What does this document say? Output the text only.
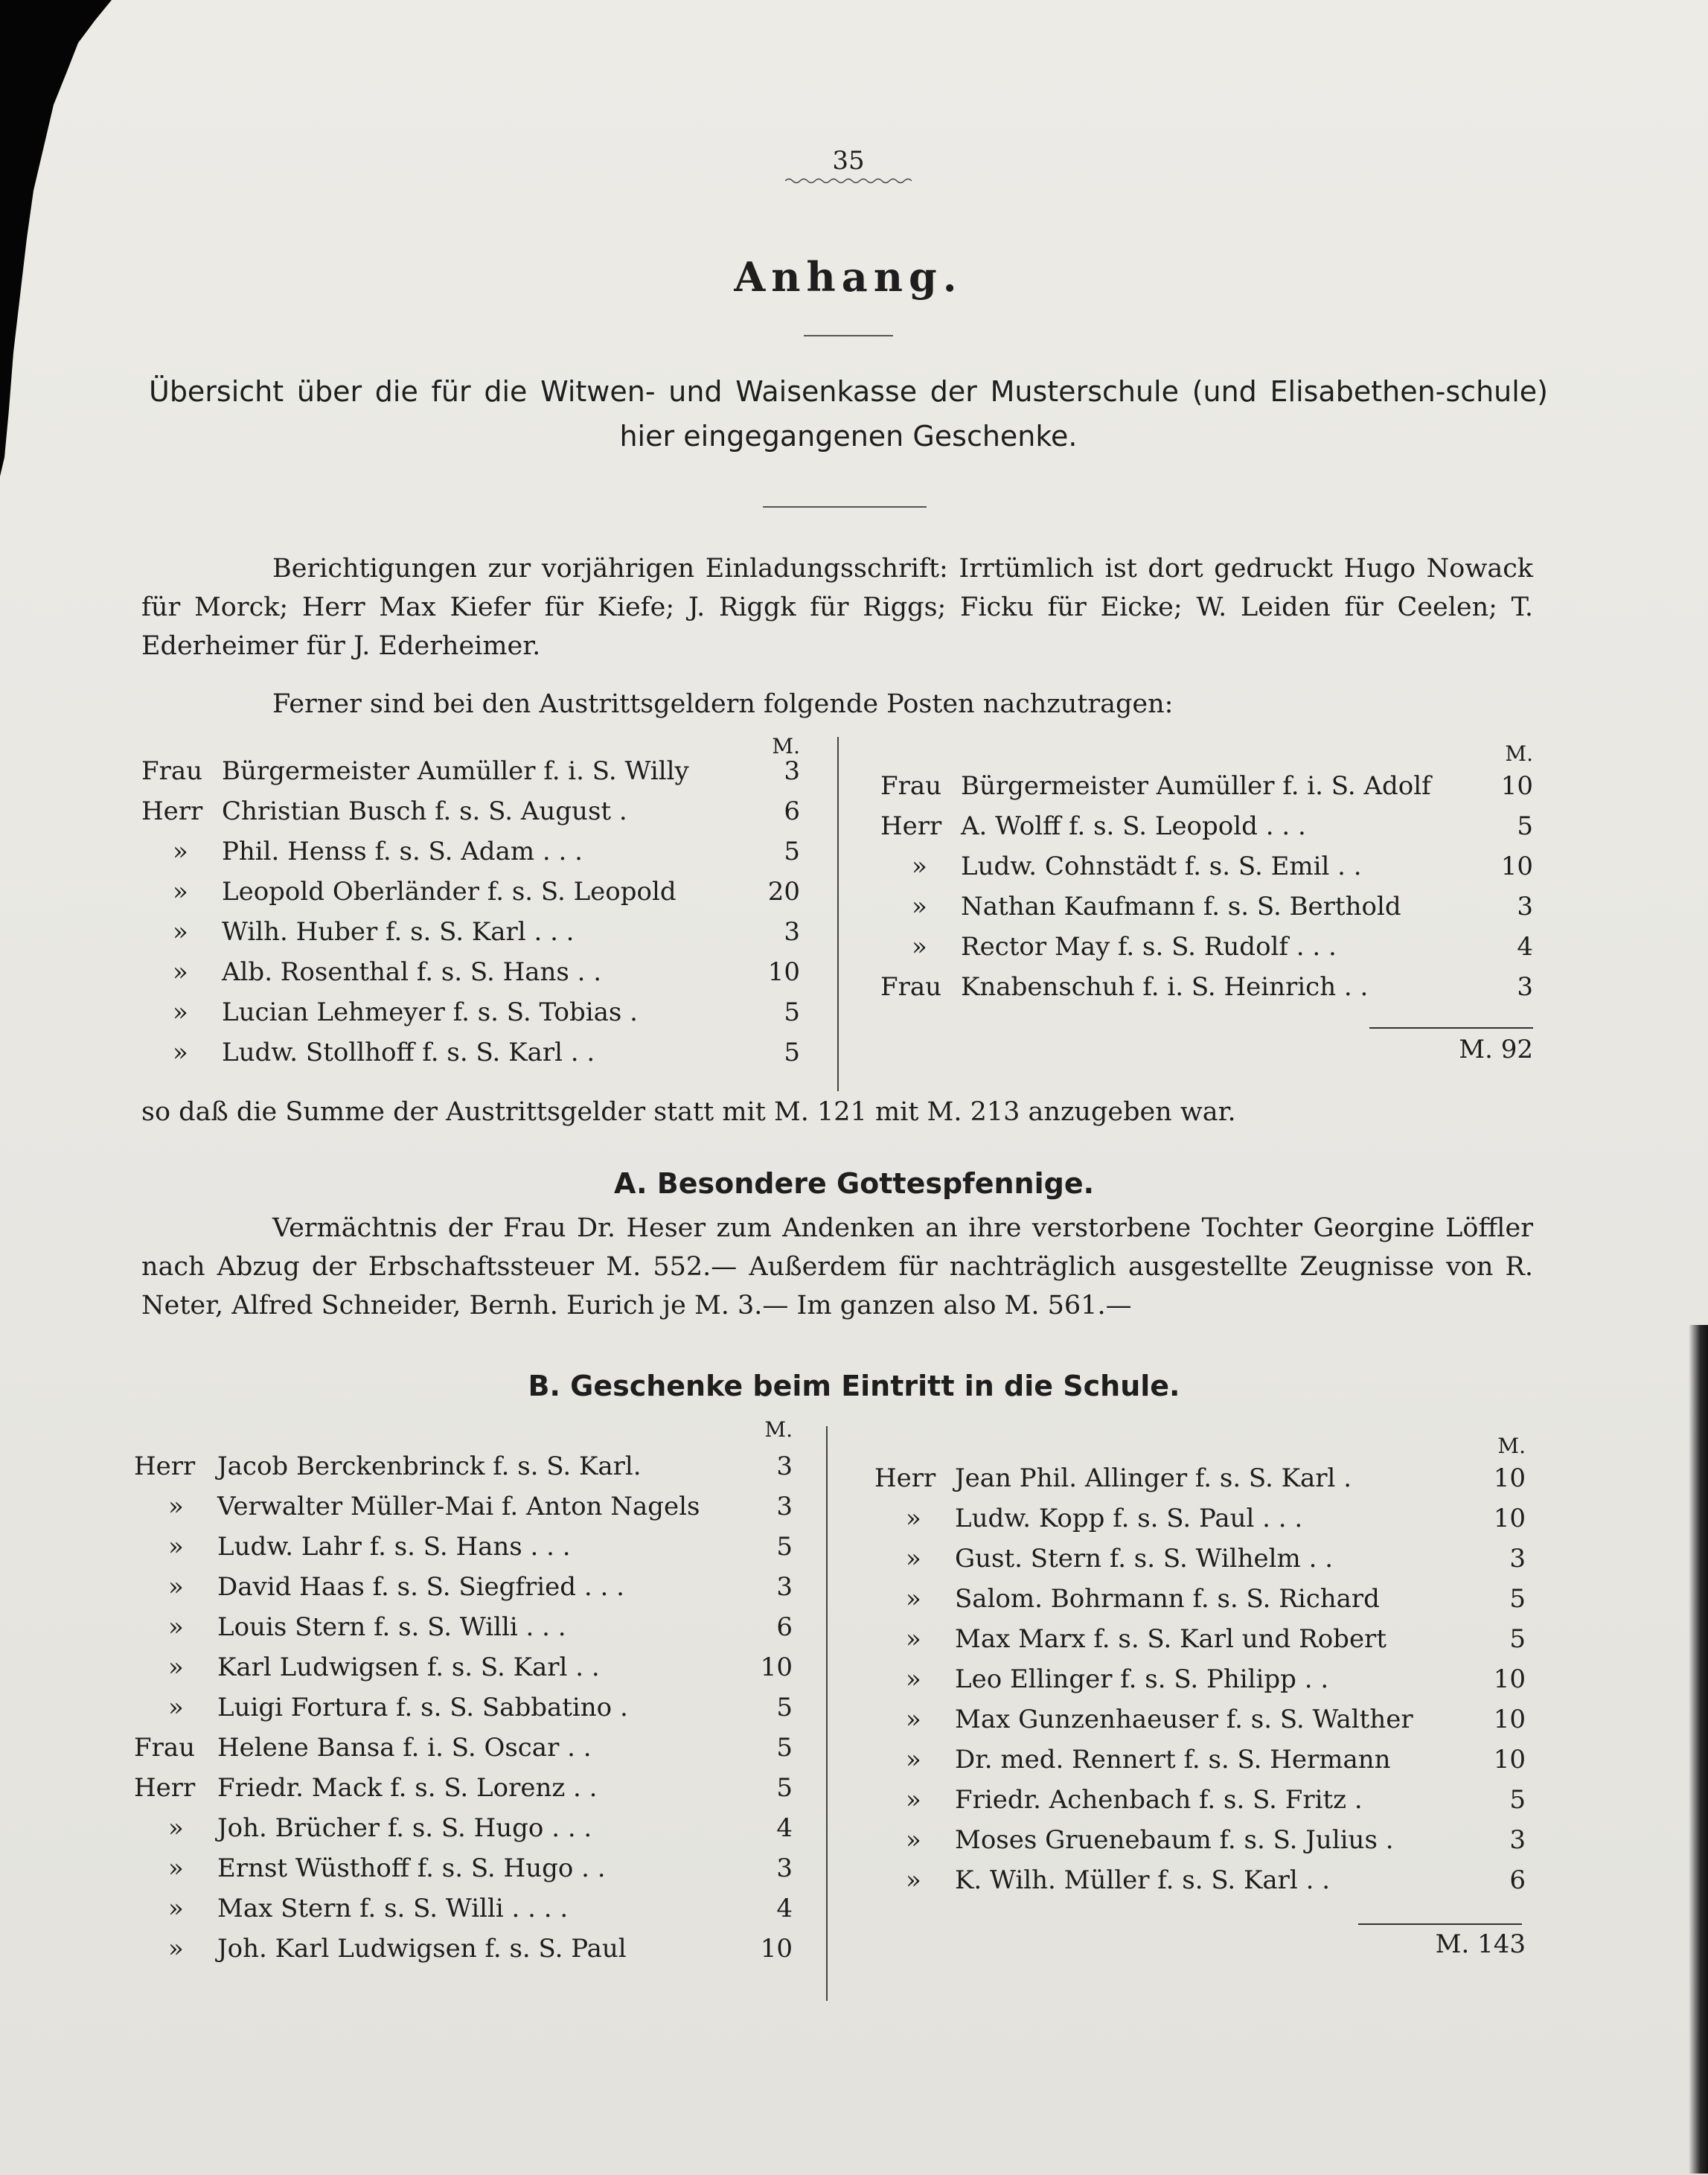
35
Anhang.
Übersicht über die für die Witwen- und Waisenkasse der Musterschule (und Elisabethen-schule) hier eingegangenen Geschenke.
Berichtigungen zur vorjährigen Einladungsschrift: Irrtümlich ist dort gedruckt Hugo Nowack für Morck; Herr Max Kiefer für Kiefe; J. Riggk für Riggs; Ficku für Eicke; W. Leiden für Ceelen; T. Ederheimer für J. Ederheimer.
Ferner sind bei den Austrittsgeldern folgende Posten nachzutragen:
M.
Frau Bürgermeister Aumüller f. i. S. Willy	3
Herr Christian Busch f. s. S. August .	6
» Phil. Henss f. s. S. Adam . . .	5
» Leopold Oberländer f. s. S. Leopold	20
» Wilh. Huber f. s. S. Karl . . .	3
» Alb. Rosenthal f. s. S. Hans . .	10
» Lucian Lehmeyer f. s. S. Tobias .	5
» Ludw. Stollhoff f. s. S. Karl . .	5
M.
Frau Bürgermeister Aumüller f. i. S. Adolf	10
Herr A. Wolff f. s. S. Leopold . . .	5
» Ludw. Cohnstädt f. s. S. Emil . .	10
» Nathan Kaufmann f. s. S. Berthold	3
» Rector May f. s. S. Rudolf . . .	4
Frau Knabenschuh f. i. S. Heinrich . .	3
M. 92
so daß die Summe der Austrittsgelder statt mit M. 121 mit M. 213 anzugeben war.
A. Besondere Gottespfennige.
Vermächtnis der Frau Dr. Heser zum Andenken an ihre verstorbene Tochter Georgine Löffler nach Abzug der Erbschaftssteuer M. 552.— Außerdem für nachträglich ausgestellte Zeugnisse von R. Neter, Alfred Schneider, Bernh. Eurich je M. 3.— Im ganzen also M. 561.—
B. Geschenke beim Eintritt in die Schule.
M.
Herr Jacob Berckenbrinck f. s. S. Karl.	3
» Verwalter Müller-Mai f. Anton Nagels	3
» Ludw. Lahr f. s. S. Hans . . .	5
» David Haas f. s. S. Siegfried . . .	3
» Louis Stern f. s. S. Willi . . .	6
» Karl Ludwigsen f. s. S. Karl . .	10
» Luigi Fortura f. s. S. Sabbatino .	5
Frau Helene Bansa f. i. S. Oscar . .	5
Herr Friedr. Mack f. s. S. Lorenz . .	5
» Joh. Brücher f. s. S. Hugo . . .	4
» Ernst Wüsthoff f. s. S. Hugo . .	3
» Max Stern f. s. S. Willi . . . .	4
» Joh. Karl Ludwigsen f. s. S. Paul	10
M.
Herr Jean Phil. Allinger f. s. S. Karl .	10
» Ludw. Kopp f. s. S. Paul . . .	10
» Gust. Stern f. s. S. Wilhelm . .	3
» Salom. Bohrmann f. s. S. Richard	5
» Max Marx f. s. S. Karl und Robert	5
» Leo Ellinger f. s. S. Philipp . .	10
» Max Gunzenhaeuser f. s. S. Walther	10
» Dr. med. Rennert f. s. S. Hermann	10
» Friedr. Achenbach f. s. S. Fritz .	5
» Moses Gruenebaum f. s. S. Julius .	3
» K. Wilh. Müller f. s. S. Karl . .	6
M. 143
